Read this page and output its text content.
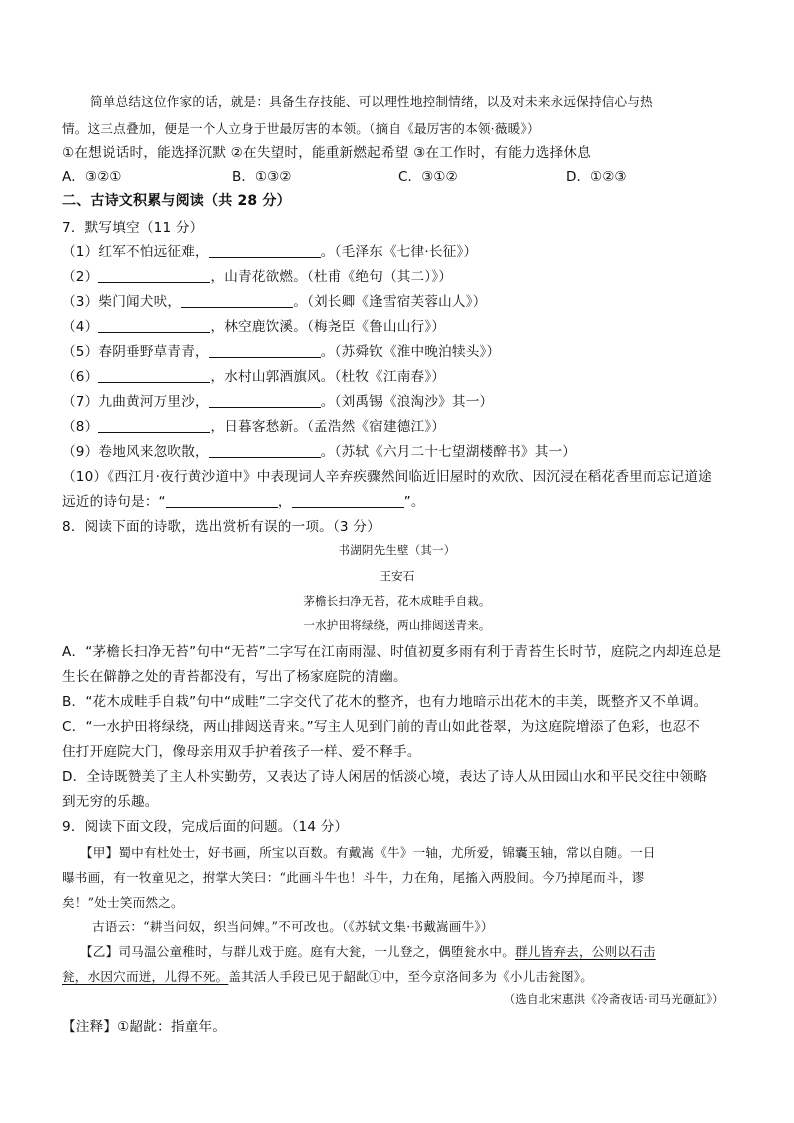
简单总结这位作家的话，就是：具备生存技能、可以理性地控制情绪，以及对未来永远保持信心与热
情。这三点叠加，便是一个人立身于世最厉害的本领。（摘自《最厉害的本领·薇暖》）
①在想说话时，能选择沉默 ②在失望时，能重新燃起希望 ③在工作时，有能力选择休息
A．③②①	B．①③②	C．③①②	D．①②③
二、古诗文积累与阅读（共 28 分）
7．默写填空（11 分）
（1）红军不怕远征难，	。（毛泽东《七律·长征》）
（2）	，山青花欲燃。（杜甫《绝句（其二）》）
（3）柴门闻犬吠，	。（刘长卿《逢雪宿芙蓉山人》）
（4）	，林空鹿饮溪。（梅尧臣《鲁山山行》）
（5）春阴垂野草青青，	。（苏舜钦《淮中晚泊犊头》）
（6）	，水村山郭酒旗风。（杜牧《江南春》）
（7）九曲黄河万里沙，	。（刘禹锡《浪淘沙》其一）
（8）	，日暮客愁新。（孟浩然《宿建德江》）
（9）卷地风来忽吹散，	。（苏轼《六月二十七望湖楼醉书》其一）
（10）《西江月·夜行黄沙道中》中表现词人辛弃疾骤然间临近旧屋时的欢欣、因沉浸在稻花香里而忘记道途
远近的诗句是：“	，	”。
8．阅读下面的诗歌，选出赏析有误的一项。（3 分）
书湖阴先生壁（其一）
王安石
茅檐长扫净无苔，花木成畦手自栽。
一水护田将绿绕，两山排闼送青来。
A．“茅檐长扫净无苔”句中“无苔”二字写在江南雨湿、时值初夏多雨有利于青苔生长时节，庭院之内却连总是
生长在僻静之处的青苔都没有，写出了杨家庭院的清幽。
B．“花木成畦手自栽”句中“成畦”二字交代了花木的整齐，也有力地暗示出花木的丰美，既整齐又不单调。
C．“一水护田将绿绕，两山排闼送青来。”写主人见到门前的青山如此苍翠，为这庭院增添了色彩，也忍不
住打开庭院大门，像母亲用双手护着孩子一样、爱不释手。
D．全诗既赞美了主人朴实勤劳，又表达了诗人闲居的恬淡心境，表达了诗人从田园山水和平民交往中领略
到无穷的乐趣。
9．阅读下面文段，完成后面的问题。（14 分）
【甲】蜀中有杜处士，好书画，所宝以百数。有戴嵩《牛》一轴，尤所爱，锦囊玉轴，常以自随。一日
曝书画，有一牧童见之，拊掌大笑曰：“此画斗牛也！斗牛，力在角，尾搐入两股间。今乃掉尾而斗，谬
矣！”处士笑而然之。
古语云：“耕当问奴，织当问婢。”不可改也。（《苏轼文集·书戴嵩画牛》）
【乙】司马温公童稚时，与群儿戏于庭。庭有大瓮，一儿登之，偶堕瓮水中。群儿皆弃去，公则以石击
瓮，水因穴而迸，儿得不死。盖其活人手段已见于龆龀①中，至今京洛间多为《小儿击瓮图》。
（选自北宋惠洪《冷斋夜话·司马光砸缸》）
【注释】①龆龀：指童年。
